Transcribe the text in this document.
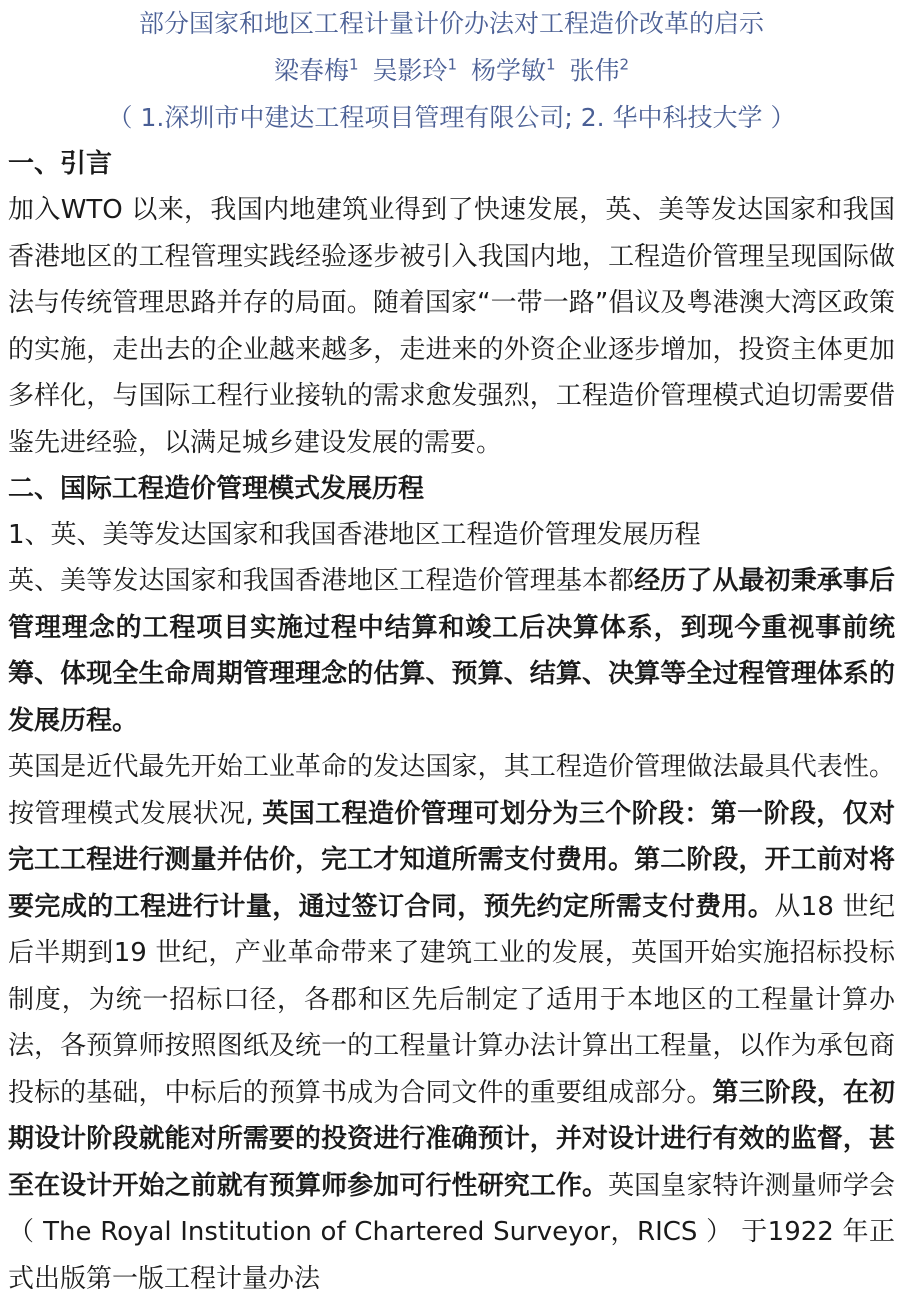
部分国家和地区工程计量计价办法对工程造价改革的启示
梁春梅$^1$ 吴影玲$^1$ 杨学敏$^1$ 张伟$^2$
（ 1.深圳市中建达工程项目管理有限公司; 2. 华中科技大学 ）
一、引言

加入WTO 以来，我国内地建筑业得到了快速发展，英、美等发达国家和我国香港地区的工程管理实践经验逐步被引入我国内地，工程造价管理呈现国际做法与传统管理思路并存的局面。随着国家“一带一路”倡议及粤港澳大湾区政策的实施，走出去的企业越来越多，走进来的外资企业逐步增加，投资主体更加多样化，与国际工程行业接轨的需求愈发强烈，工程造价管理模式迫切需要借鉴先进经验，以满足城乡建设发展的需要。

二、国际工程造价管理模式发展历程

1、英、美等发达国家和我国香港地区工程造价管理发展历程

英、美等发达国家和我国香港地区工程造价管理基本都经历了从最初秉承事后管理理念的工程项目实施过程中结算和竣工后决算体系，到现今重视事前统筹、体现全生命周期管理理念的估算、预算、结算、决算等全过程管理体系的发展历程。

英国是近代最先开始工业革命的发达国家，其工程造价管理做法最具代表性。按管理模式发展状况, 英国工程造价管理可划分为三个阶段：第一阶段，仅对完工工程进行测量并估价，完工才知道所需支付费用。第二阶段，开工前对将要完成的工程进行计量，通过签订合同，预先约定所需支付费用。从18 世纪后半期到19 世纪，产业革命带来了建筑工业的发展，英国开始实施招标投标制度，为统一招标口径，各郡和区先后制定了适用于本地区的工程量计算办法，各预算师按照图纸及统一的工程量计算办法计算出工程量，以作为承包商投标的基础，中标后的预算书成为合同文件的重要组成部分。第三阶段，在初期设计阶段就能对所需要的投资进行准确预计，并对设计进行有效的监督，甚至在设计开始之前就有预算师参加可行性研究工作。英国皇家特许测量师学会（ The Royal Institution of Chartered Surveyor，RICS ） 于1922 年正式出版第一版工程计量办法
